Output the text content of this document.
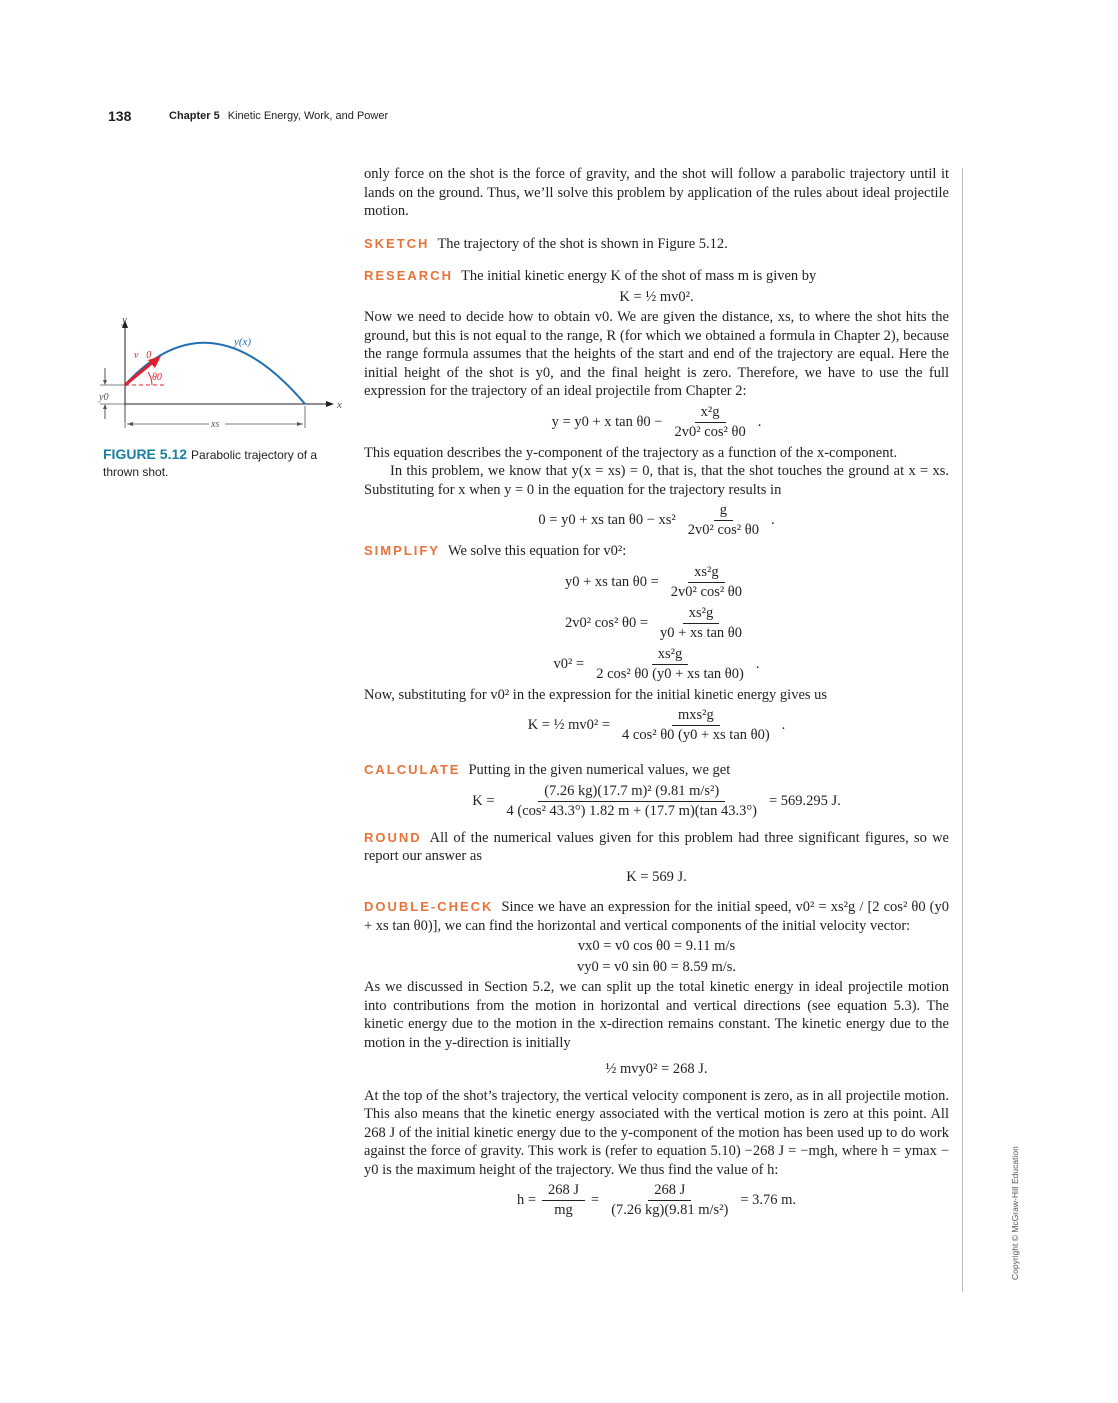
138	Chapter 5 Kinetic Energy, Work, and Power
Copyright © McGraw-Hill Education
y
x
y(x)
v⃗0
θ0
y0
xs
FIGURE 5.12 Parabolic trajectory of a thrown shot.

only force on the shot is the force of gravity, and the shot will follow a parabolic trajectory until it lands on the ground. Thus, we’ll solve this problem by application of the rules about ideal projectile motion.

SKETCH The trajectory of the shot is shown in Figure 5.12.

RESEARCH The initial kinetic energy K of the shot of mass m is given by

K = ½ mv0².

Now we need to decide how to obtain v0. We are given the distance, xs, to where the shot hits the ground, but this is not equal to the range, R (for which we obtained a formula in Chapter 2), because the range formula assumes that the heights of the start and end of the trajectory are equal. Here the initial height of the shot is y0, and the final height is zero. Therefore, we have to use the full expression for the trajectory of an ideal projectile from Chapter 2:

y = y0 + x $\tan \theta 0 - \frac{\text{x²g}}{\text{2v0² cos² θ0}}$ .

This equation describes the y-component of the trajectory as a function of the x-component.

In this problem, we know that y(x = xs) = 0, that is, that the shot touches the ground at x = xs. Substituting for x when y = 0 in the equation for the trajectory results in

0 = y0 + xs $\tan \theta 0 - xs^2 \frac{g}{\text{2v0² cos² θ0}}$ .

SIMPLIFY We solve this equation for v0²:

y0 + xs $\tan \theta 0 = \frac{\text{xs²g}}{\text{2v0² cos² θ0}}$
2v0² cos² $\theta 0 = \frac{\text{xs²g}}{\text{y0 + xs tan θ0}}$
$v0^2 = \frac{\text{xs²g}}{\text{2 cos² θ0 (y0 + xs tan θ0)}}$ .

Now, substituting for v0² in the expression for the initial kinetic energy gives us

K = ½ $mv0^2 = \frac{\text{mxs²g}}{\text{4 cos² θ0 (y0 + xs tan θ0)}}$ .

CALCULATE Putting in the given numerical values, we get

$K = \frac{\text{(7.26 kg)(17.7 m)² (9.81 m/s²)}}{\text{4 (cos² 43.3°) 1.82 m + (17.7 m)(tan 43.3°)}} = 569.295$ J.

ROUND All of the numerical values given for this problem had three significant figures, so we report our answer as

K = 569 J.

DOUBLE-CHECK Since we have an expression for the initial speed, v0² = xs²g / [2 cos² θ0 (y0 + xs tan θ0)], we can find the horizontal and vertical components of the initial velocity vector:

vx0 = v0 cos θ0 = 9.11 m/s
vy0 = v0 sin θ0 = 8.59 m/s.

As we discussed in Section 5.2, we can split up the total kinetic energy in ideal projectile motion into contributions from the motion in horizontal and vertical directions (see equation 5.3). The kinetic energy due to the motion in the x-direction remains constant. The kinetic energy due to the motion in the y-direction is initially

½ mvy0² = 268 J.

At the top of the shot’s trajectory, the vertical velocity component is zero, as in all projectile motion. This also means that the kinetic energy associated with the vertical motion is zero at this point. All 268 J of the initial kinetic energy due to the y-component of the motion has been used up to do work against the force of gravity. This work is (refer to equation 5.10) −268 J = −mgh, where h = ymax − y0 is the maximum height of the trajectory. We thus find the value of h:

$h = \frac{268 J}{mg} = \frac{268 J}{\text{(7.26 kg)(9.81 m/s²)}} = 3.76$ m.
